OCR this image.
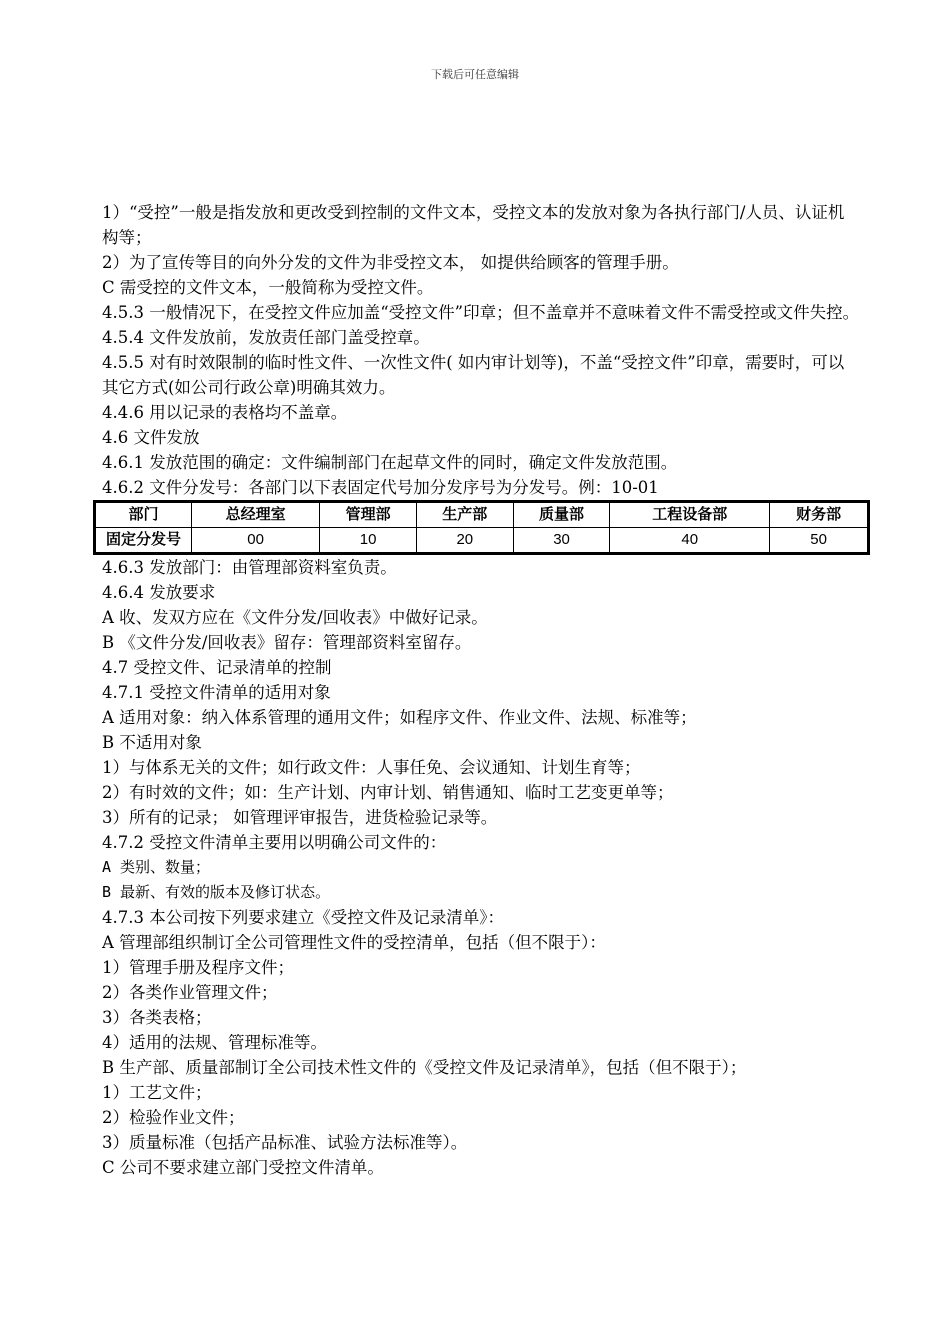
下载后可任意编辑

1）“受控”一般是指发放和更改受到控制的文件文本，受控文本的发放对象为各执行部门/人员、认证机构等；

2）为了宣传等目的向外分发的文件为非受控文本， 如提供给顾客的管理手册。

C 需受控的文件文本，一般简称为受控文件。

4.5.3 一般情况下，在受控文件应加盖“受控文件”印章；但不盖章并不意味着文件不需受控或文件失控。

4.5.4 文件发放前，发放责任部门盖受控章。

4.5.5 对有时效限制的临时性文件、一次性文件( 如内审计划等)，不盖“受控文件”印章，需要时，可以其它方式(如公司行政公章)明确其效力。

4.4.6 用以记录的表格均不盖章。

4.6 文件发放

4.6.1 发放范围的确定：文件编制部门在起草文件的同时，确定文件发放范围。

4.6.2 文件分发号：各部门以下表固定代号加分发序号为分发号。例：10-01

部门	总经理室	管理部	生产部	质量部	工程设备部	财务部
固定分发号	00	10	20	30	40	50

4.6.3 发放部门：由管理部资料室负责。

4.6.4 发放要求

A 收、发双方应在《文件分发/回收表》中做好记录。

B 《文件分发/回收表》留存：管理部资料室留存。

4.7 受控文件、记录清单的控制

4.7.1 受控文件清单的适用对象

A 适用对象：纳入体系管理的通用文件；如程序文件、作业文件、法规、标准等；

B 不适用对象

1）与体系无关的文件；如行政文件：人事任免、会议通知、计划生育等；

2）有时效的文件；如：生产计划、内审计划、销售通知、临时工艺变更单等；

3）所有的记录； 如管理评审报告，进货检验记录等。

4.7.2 受控文件清单主要用以明确公司文件的：

A 类别、数量；

B 最新、有效的版本及修订状态。

4.7.3 本公司按下列要求建立《受控文件及记录清单》：

A 管理部组织制订全公司管理性文件的受控清单，包括（但不限于）：

1）管理手册及程序文件；

2）各类作业管理文件；

3）各类表格；

4）适用的法规、管理标准等。

B 生产部、质量部制订全公司技术性文件的《受控文件及记录清单》，包括（但不限于）；

1）工艺文件；

2）检验作业文件；

3）质量标准（包括产品标准、试验方法标准等）。

C 公司不要求建立部门受控文件清单。
